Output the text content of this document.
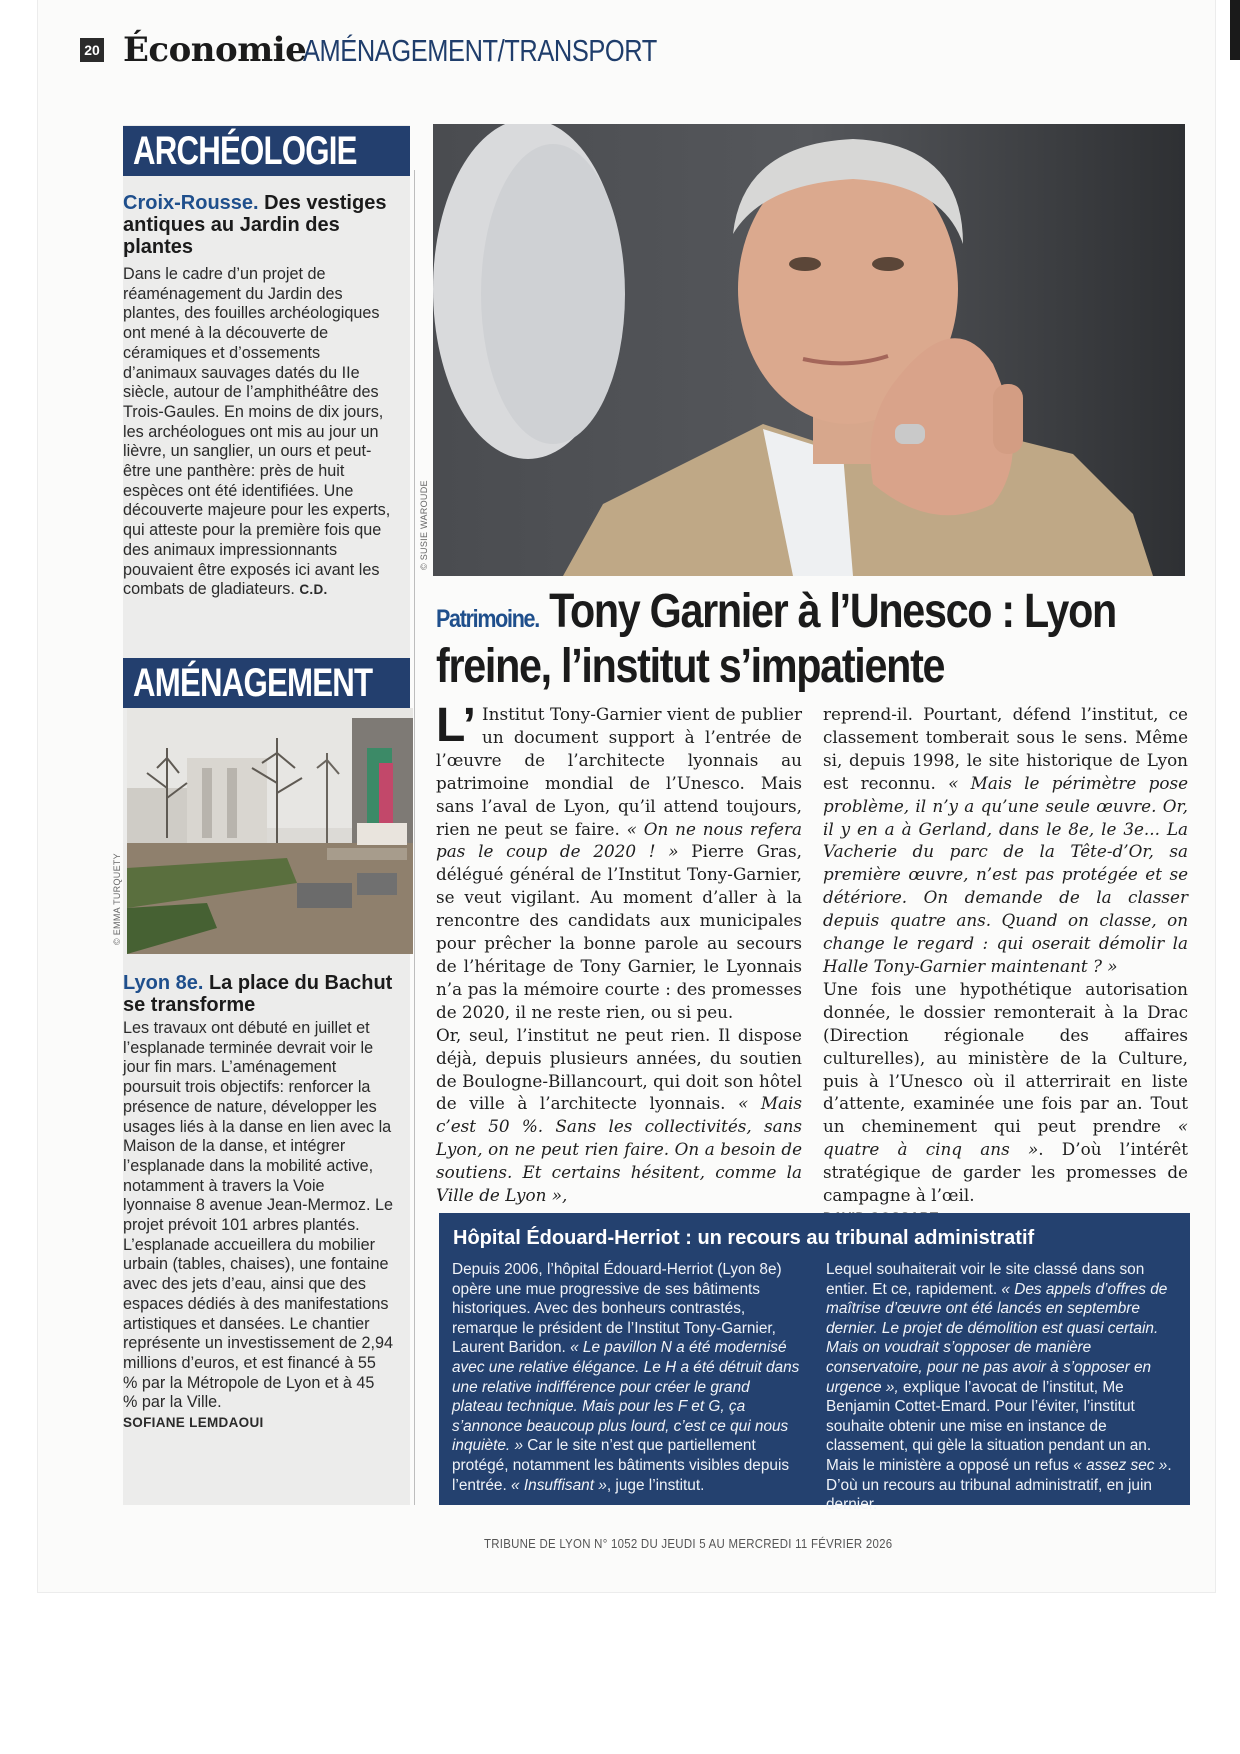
20 Économie
AMÉNAGEMENT/TRANSPORT
ARCHÉOLOGIE
Croix-Rousse. Des vestiges antiques au Jardin des plantes
Dans le cadre d’un projet de réaménagement du Jardin des plantes, des fouilles archéologiques ont mené à la découverte de céramiques et d’ossements d’animaux sauvages datés du IIe siècle, autour de l’amphithéâtre des Trois-Gaules. En moins de dix jours, les archéologues ont mis au jour un lièvre, un sanglier, un ours et peut-être une panthère: près de huit espèces ont été identifiées. Une découverte majeure pour les experts, qui atteste pour la première fois que des animaux impressionnants pouvaient être exposés ici avant les combats de gladiateurs. C.D.
AMÉNAGEMENT
© EMMA TURQUETY
Lyon 8e. La place du Bachut se transforme
Les travaux ont débuté en juillet et l’esplanade terminée devrait voir le jour fin mars. L’aménagement poursuit trois objectifs: renforcer la présence de nature, développer les usages liés à la danse en lien avec la Maison de la danse, et intégrer l’esplanade dans la mobilité active, notamment à travers la Voie lyonnaise 8 avenue Jean-Mermoz. Le projet prévoit 101 arbres plantés. L’esplanade accueillera du mobilier urbain (tables, chaises), une fontaine avec des jets d’eau, ainsi que des espaces dédiés à des manifestations artistiques et dansées. Le chantier représente un investissement de 2,94 millions d’euros, et est financé à 55 % par la Métropole de Lyon et à 45 % par la Ville.
SOFIANE LEMDAOUI
© SUSIE WAROUDE
Patrimoine. Tony Garnier à l’Unesco : Lyon
freine, l’institut s’impatiente

L’ Institut Tony-Garnier vient de publier un document support à l’entrée de l’œuvre de l’architecte lyonnais au patrimoine mondial de l’Unesco. Mais sans l’aval de Lyon, qu’il attend toujours, rien ne peut se faire. « On ne nous refera pas le coup de 2020 ! » Pierre Gras, délégué général de l’Institut Tony-Garnier, se veut vigilant. Au moment d’aller à la rencontre des candidats aux municipales pour prêcher la bonne parole au secours de l’héritage de Tony Garnier, le Lyonnais n’a pas la mémoire courte : des promesses de 2020, il ne reste rien, ou si peu.

Or, seul, l’institut ne peut rien. Il dispose déjà, depuis plusieurs années, du soutien de Boulogne-Billancourt, qui doit son hôtel de ville à l’architecte lyonnais. « Mais c’est 50 %. Sans les collectivités, sans Lyon, on ne peut rien faire. On a besoin de soutiens. Et certains hésitent, comme la Ville de Lyon »,

reprend-il. Pourtant, défend l’institut, ce classement tomberait sous le sens. Même si, depuis 1998, le site historique de Lyon est reconnu. « Mais le périmètre pose problème, il n’y a qu’une seule œuvre. Or, il y en a à Gerland, dans le 8e, le 3e... La Vacherie du parc de la Tête-d’Or, sa première œuvre, n’est pas protégée et se détériore. On demande de la classer depuis quatre ans. Quand on classe, on change le regard : qui oserait démolir la Halle Tony-Garnier maintenant ? »

Une fois une hypothétique autorisation donnée, le dossier remonterait à la Drac (Direction régionale des affaires culturelles), au ministère de la Culture, puis à l’Unesco où il atterrirait en liste d’attente, examinée une fois par an. Tout un cheminement qui peut prendre « quatre à cinq ans ». D’où l’intérêt stratégique de garder les promesses de campagne à l’œil.

Hôpital Édouard-Herriot : un recours au tribunal administratif
Depuis 2006, l’hôpital Édouard-Herriot (Lyon 8e) opère une mue progressive de ses bâtiments historiques. Avec des bonheurs contrastés, remarque le président de l’Institut Tony-Garnier, Laurent Baridon. « Le pavillon N a été modernisé avec une relative élégance. Le H a été détruit dans une relative indifférence pour créer le grand plateau technique. Mais pour les F et G, ça s’annonce beaucoup plus lourd, c’est ce qui nous inquiète. » Car le site n’est que partiellement protégé, notamment les bâtiments visibles depuis l’entrée. « Insuffisant », juge l’institut.
Lequel souhaiterait voir le site classé dans son entier. Et ce, rapidement. « Des appels d’offres de maîtrise d’œuvre ont été lancés en septembre dernier. Le projet de démolition est quasi certain. Mais on voudrait s’opposer de manière conservatoire, pour ne pas avoir à s’opposer en urgence », explique l’avocat de l’institut, Me Benjamin Cottet-Emard. Pour l’éviter, l’institut souhaite obtenir une mise en instance de classement, qui gèle la situation pendant un an. Mais le ministère a opposé un refus « assez sec ». D’où un recours au tribunal administratif, en juin dernier.
TRIBUNE DE LYON N° 1052 DU JEUDI 5 AU MERCREDI 11 FÉVRIER 2026
